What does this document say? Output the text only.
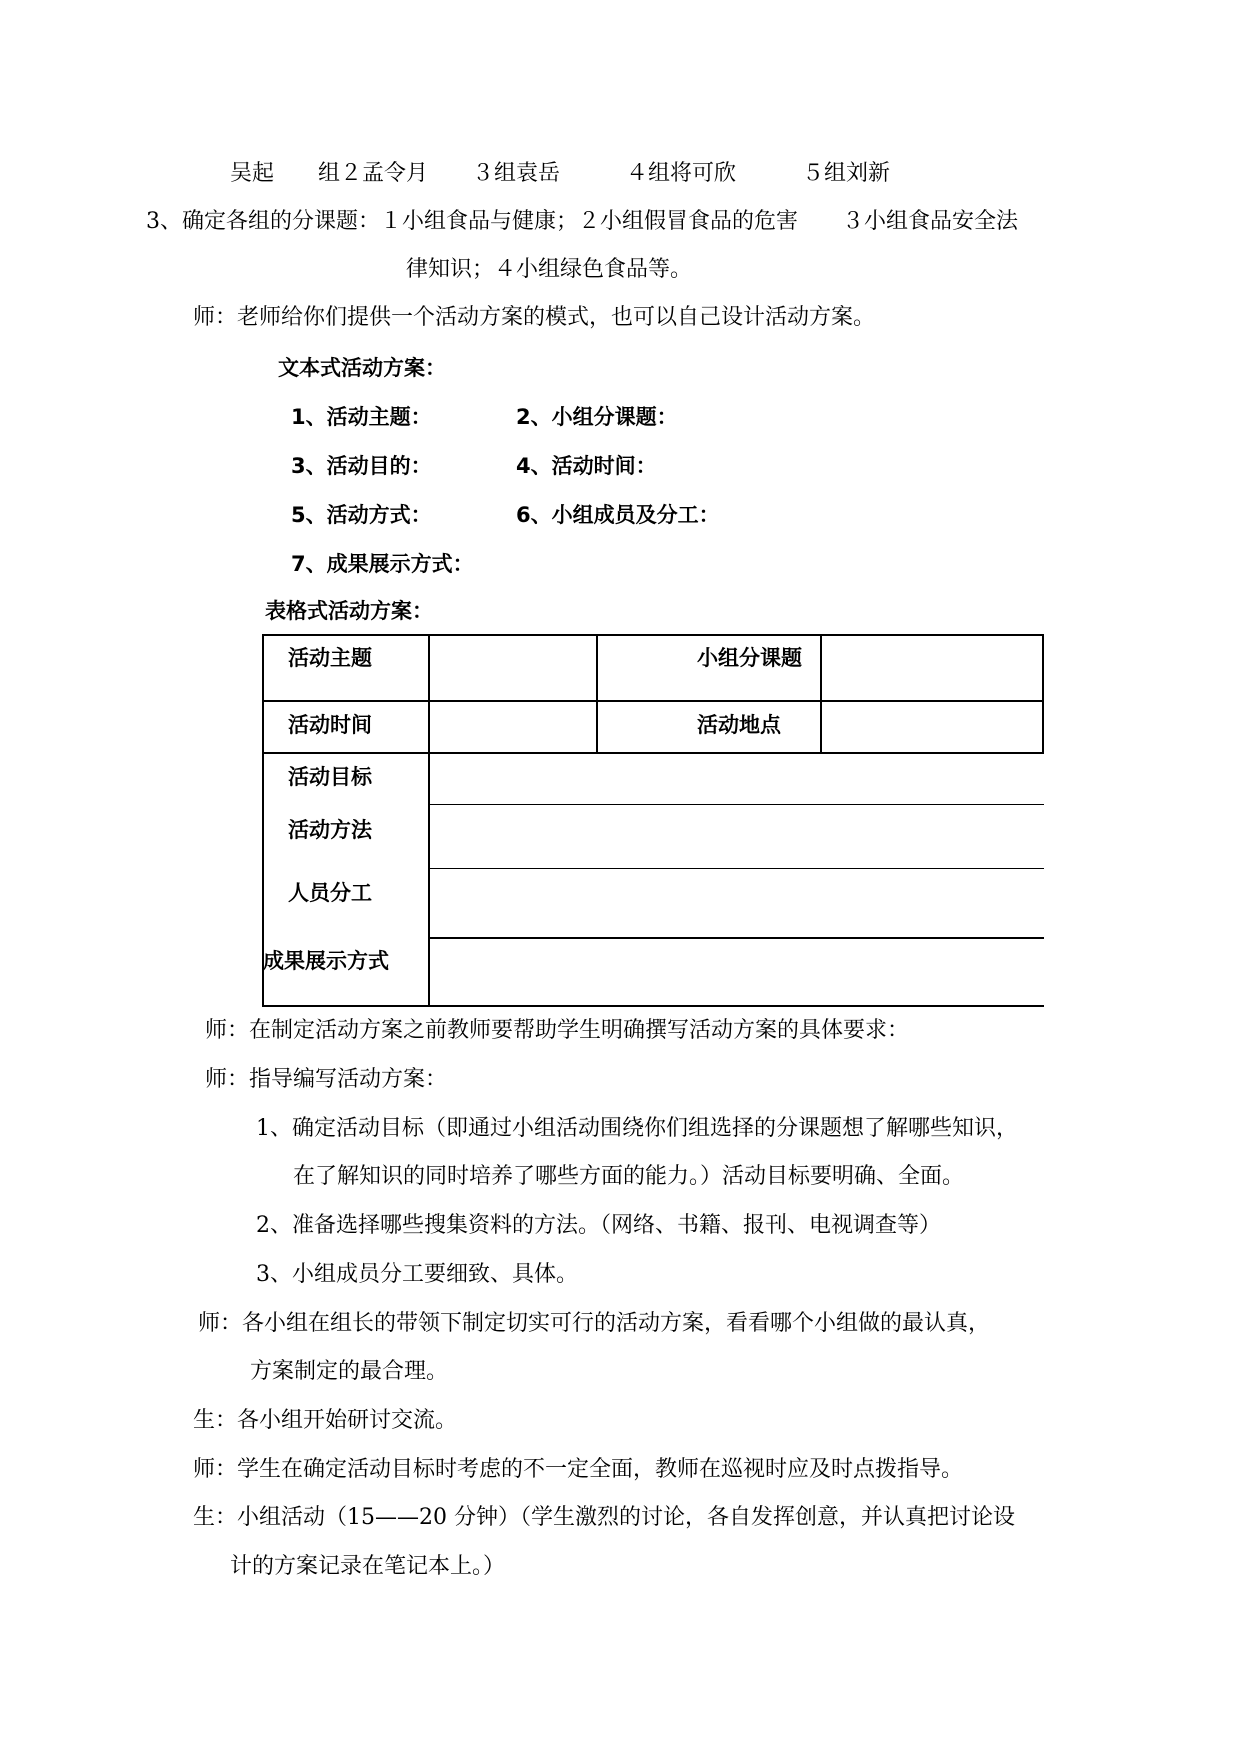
吴起　　组２孟令月　　３组袁岳　　　４组将可欣　　　５组刘新
3、确定各组的分课题：１小组食品与健康；２小组假冒食品的危害　　３小组食品安全法
律知识；４小组绿色食品等。
师：老师给你们提供一个活动方案的模式，也可以自己设计活动方案。
文本式活动方案：
1、活动主题：	2、小组分课题：
3、活动目的：	4、活动时间：
5、活动方式：	6、小组成员及分工：
7、成果展示方式：
表格式活动方案：
活动主题	小组分课题
活动时间	活动地点
活动目标
活动方法
人员分工
成果展示方式
师：在制定活动方案之前教师要帮助学生明确撰写活动方案的具体要求：
师：指导编写活动方案：
1、确定活动目标（即通过小组活动围绕你们组选择的分课题想了解哪些知识，
在了解知识的同时培养了哪些方面的能力。）活动目标要明确、全面。
2、准备选择哪些搜集资料的方法。（网络、书籍、报刊、电视调查等）
3、小组成员分工要细致、具体。
师：各小组在组长的带领下制定切实可行的活动方案，看看哪个小组做的最认真，
方案制定的最合理。
生：各小组开始研讨交流。
师：学生在确定活动目标时考虑的不一定全面，教师在巡视时应及时点拨指导。
生：小组活动（15——20 分钟）（学生激烈的讨论，各自发挥创意，并认真把讨论设
计的方案记录在笔记本上。）
